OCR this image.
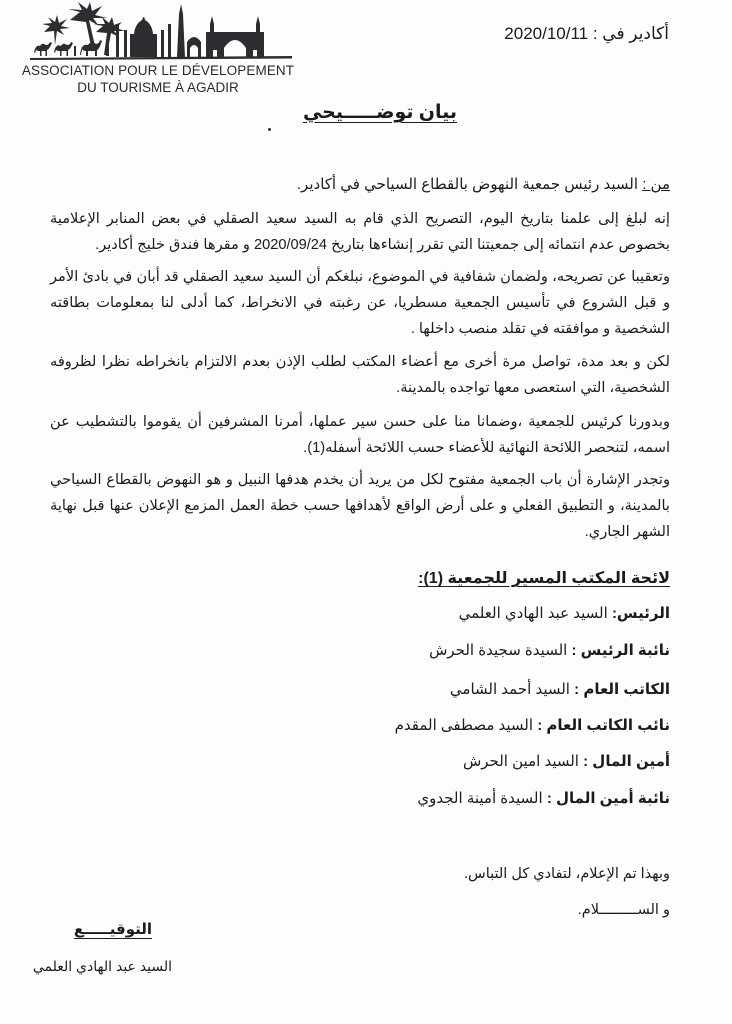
ASSOCIATION POUR LE DÉVELOPEMENT
DU TOURISME À AGADIR
أكادير في : 2020/10/11
بيان توضـــــيحي
من : السيد رئيس جمعية النهوض بالقطاع السياحي في أكادير.
إنه لبلغ إلى علمنا بتاريخ اليوم، التصريح الذي قام به السيد سعيد الصقلي في بعض المنابر الإعلامية بخصوص عدم انتمائه إلى جمعيتنا التي تقرر إنشاءها بتاريخ 2020/09/24 و مقرها فندق خليج أكادير.
وتعقيبا عن تصريحه، ولضمان شفافية في الموضوع، نبلغكم أن السيد سعيد الصقلي قد أبان في بادئ الأمر و قبل الشروع في تأسيس الجمعية مسطريا، عن رغبته في الانخراط، كما أدلى لنا بمعلومات بطاقته الشخصية و موافقته في تقلد منصب داخلها .
لكن و بعد مدة، تواصل مرة أخرى مع أعضاء المكتب لطلب الإذن بعدم الالتزام بانخراطه نظرا لظروفه الشخصية، التي استعصى معها تواجده بالمدينة.
وبدورنا كرئيس للجمعية ،وضمانا منا على حسن سير عملها، أمرنا المشرفين أن يقوموا بالتشطيب عن اسمه، لتنحصر اللائحة النهائية للأعضاء حسب اللائحة أسفله(1).
وتجدر الإشارة أن باب الجمعية مفتوح لكل من يريد أن يخدم هدفها النبيل و هو النهوض بالقطاع السياحي بالمدينة، و التطبيق الفعلي و على أرض الواقع لأهدافها حسب خطة العمل المزمع الإعلان عنها قبل نهاية الشهر الجاري.
لائحة المكتب المسير للجمعية (1):
الرئيس: السيد عبد الهادي العلمي
نائبة الرئيس : السيدة سجيدة الحرش
الكاتب العام : السيد أحمد الشامي
نائب الكاتب العام : السيد مصطفى المقدم
أمين المال : السيد امين الحرش
نائبة أمين المال : السيدة أمينة الجدوي
وبهذا تم الإعلام، لتفادي كل التباس.
و الســـــــــلام.
التوقيـــــع
السيد عبد الهادي العلمي
